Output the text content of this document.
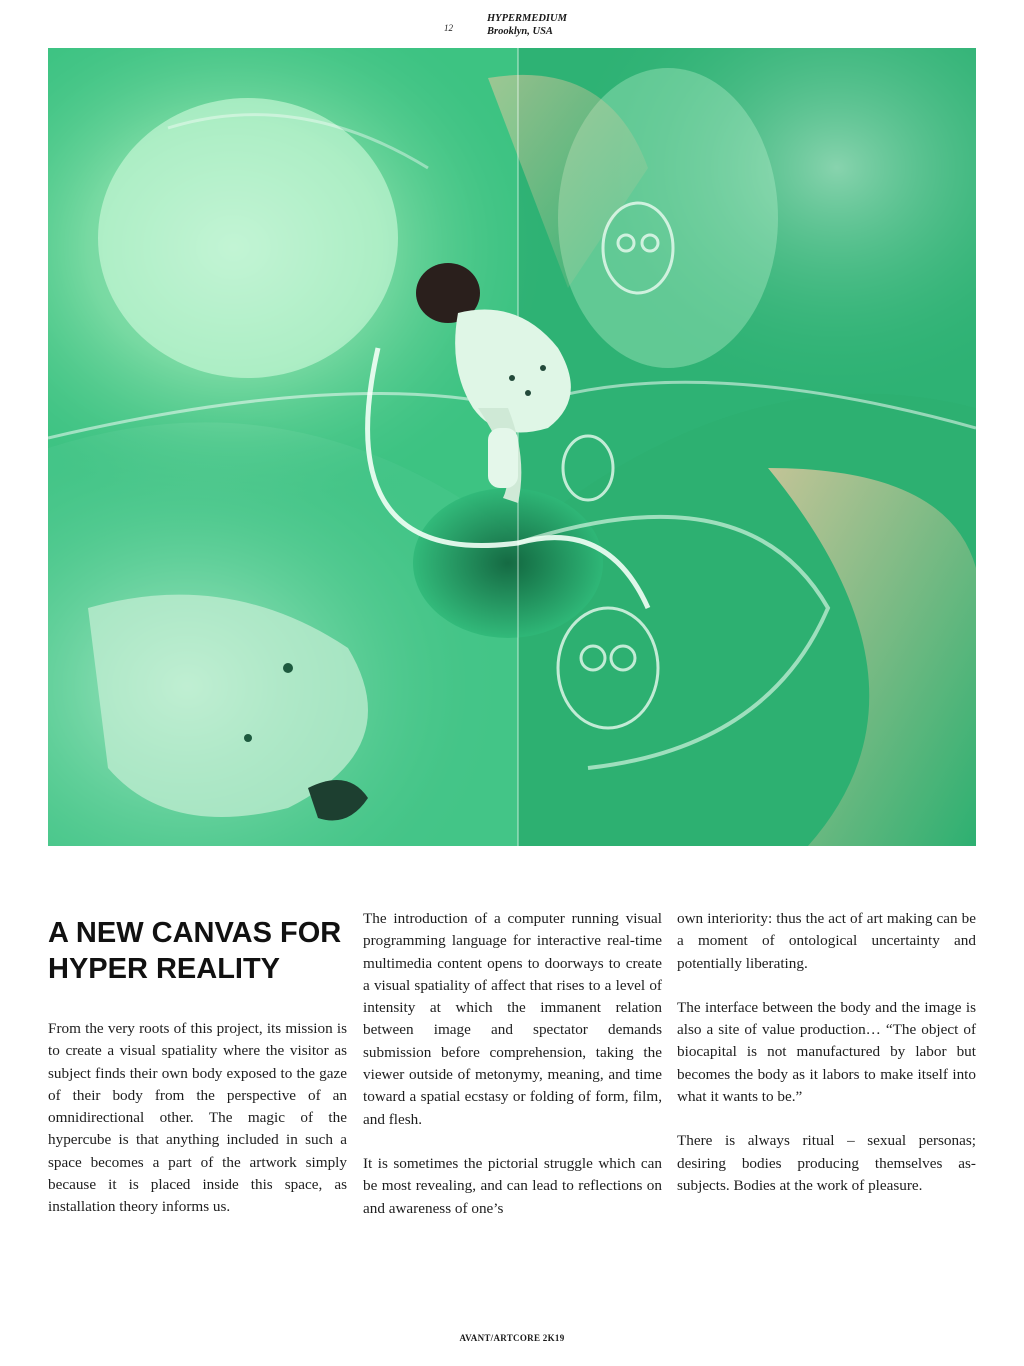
12
HYPERMEDIUM
Brooklyn, USA
A NEW CANVAS FOR HYPER REALITY

From the very roots of this project, its mission is to create a visual spatiality where the visitor as subject finds their own body exposed to the gaze of their body from the perspective of an omnidirectional other. The magic of the hypercube is that anything included in such a space becomes a part of the artwork simply because it is placed inside this space, as installation theory informs us.

The introduction of a computer running visual programming language for interactive real-time multimedia content opens to doorways to create a visual spatiality of affect that rises to a level of intensity at which the immanent relation between image and spectator demands submission before comprehension, taking the viewer outside of metonymy, meaning, and time toward a spatial ecstasy or folding of form, film, and flesh.

It is sometimes the pictorial struggle which can be most revealing, and can lead to reflections on and awareness of one’s

own interiority: thus the act of art making can be a moment of ontological uncertainty and potentially liberating.

The interface between the body and the image is also a site of value production… “The object of biocapital is not manufactured by labor but becomes the body as it labors to make itself into what it wants to be.”

There is always ritual – sexual personas; desiring bodies producing themselves as-subjects. Bodies at the work of pleasure.

AVANT/ARTCORE 2K19
